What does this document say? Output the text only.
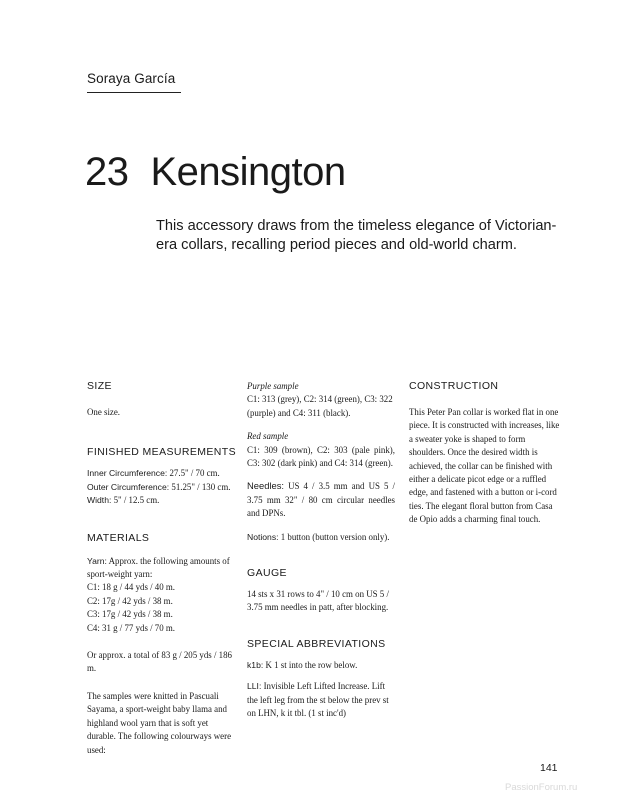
Soraya García
23 Kensington
This accessory draws from the timeless elegance of Victorian-era collars, recalling period pieces and old-world charm.
SIZE

One size.

FINISHED MEASUREMENTS

Inner Circumference: 27.5" / 70 cm.

Outer Circumference: 51.25" / 130 cm.

Width: 5" / 12.5 cm.

MATERIALS

Yarn: Approx. the following amounts of sport-weight yarn:

C1: 18 g / 44 yds / 40 m.

C2: 17g / 42 yds / 38 m.

C3: 17g / 42 yds / 38 m.

C4: 31 g / 77 yds / 70 m.

Or approx. a total of 83 g / 205 yds / 186 m.

The samples were knitted in Pascuali Sayama, a sport-weight baby llama and highland wool yarn that is soft yet durable. The following colourways were used:

Purple sample

C1: 313 (grey), C2: 314 (green), C3: 322 (purple) and C4: 311 (black).

Red sample

C1: 309 (brown), C2: 303 (pale pink), C3: 302 (dark pink) and C4: 314 (green).

Needles: US 4 / 3.5 mm and US 5 / 3.75 mm 32" / 80 cm circular needles and DPNs.

Notions: 1 button (button version only).

GAUGE

14 sts x 31 rows to 4" / 10 cm on US 5 / 3.75 mm needles in patt, after blocking.

SPECIAL ABBREVIATIONS

k1b: K 1 st into the row below.

LLI: Invisible Left Lifted Increase. Lift the left leg from the st below the prev st on LHN, k it tbl. (1 st inc'd)

CONSTRUCTION

This Peter Pan collar is worked flat in one piece. It is constructed with increases, like a sweater yoke is shaped to form shoulders. Once the desired width is achieved, the collar can be finished with either a delicate picot edge or a ruffled edge, and fastened with a button or i-cord ties. The elegant floral button from Casa de Opio adds a charming final touch.

141
PassionForum.ru
